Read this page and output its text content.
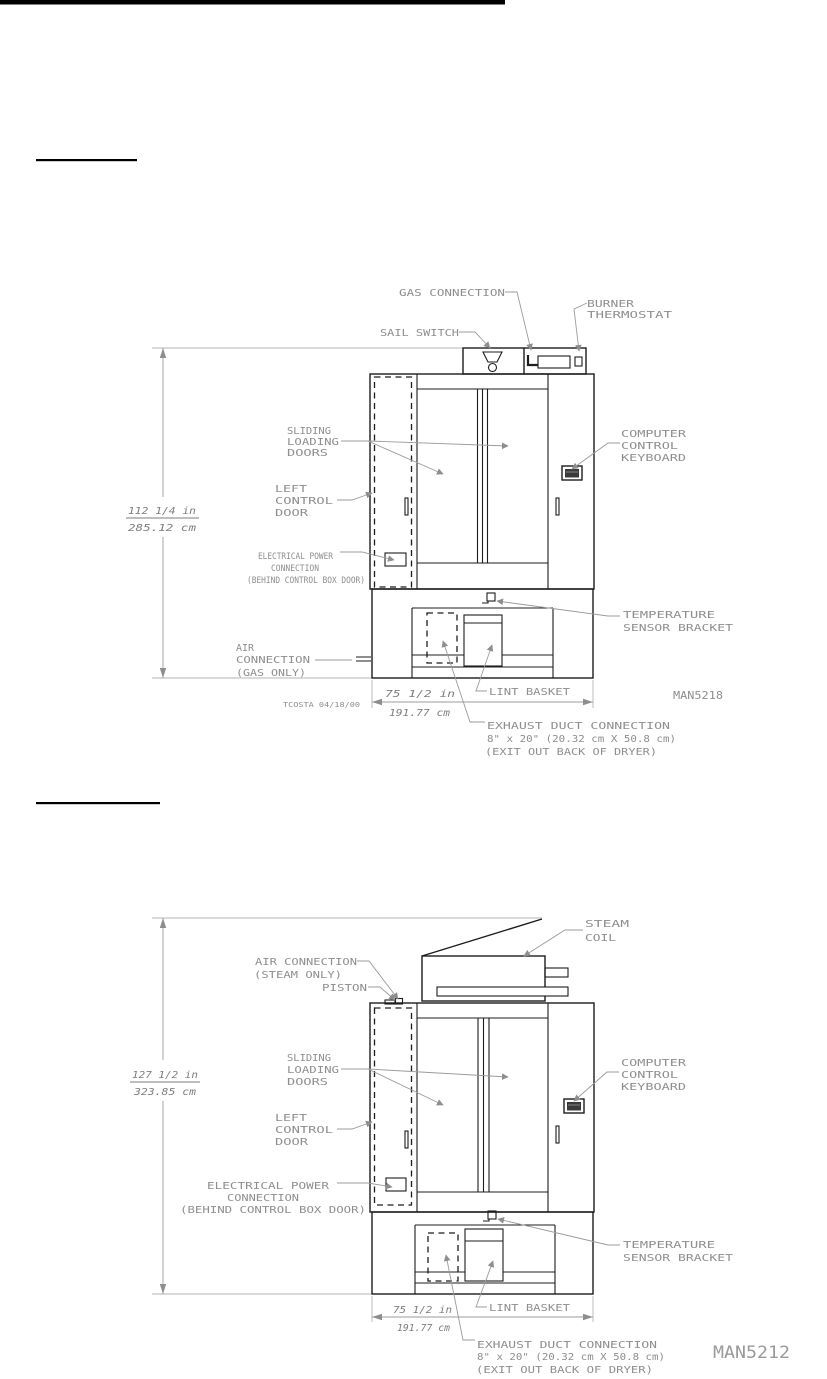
112 1/4 in
285.12 cm
75 1/2 in
191.77 cm
GAS CONNECTION
BURNER
THERMOSTAT
SAIL SWITCH
SLIDING
LOADING
DOORS
LEFT
CONTROL
DOOR
ELECTRICAL POWER
CONNECTION
(BEHIND CONTROL BOX DOOR)
AIR
CONNECTION
(GAS ONLY)
COMPUTER
CONTROL
KEYBOARD
TEMPERATURE
SENSOR BRACKET
LINT BASKET	MAN5218
TCOSTA 04/18/00
EXHAUST DUCT CONNECTION
8" x 20" (20.32 cm X 50.8 cm)
(EXIT OUT BACK OF DRYER)
127 1/2 in
323.85 cm
75 1/2 in
191.77 cm
STEAM
COIL
AIR CONNECTION
(STEAM ONLY)
PISTON
SLIDING
LOADING
DOORS
LEFT
CONTROL
DOOR
ELECTRICAL POWER
CONNECTION
(BEHIND CONTROL BOX DOOR)
COMPUTER
CONTROL
KEYBOARD
TEMPERATURE
SENSOR BRACKET
LINT BASKET
EXHAUST DUCT CONNECTION
8" x 20" (20.32 cm X 50.8 cm)
(EXIT OUT BACK OF DRYER)
MAN5212
